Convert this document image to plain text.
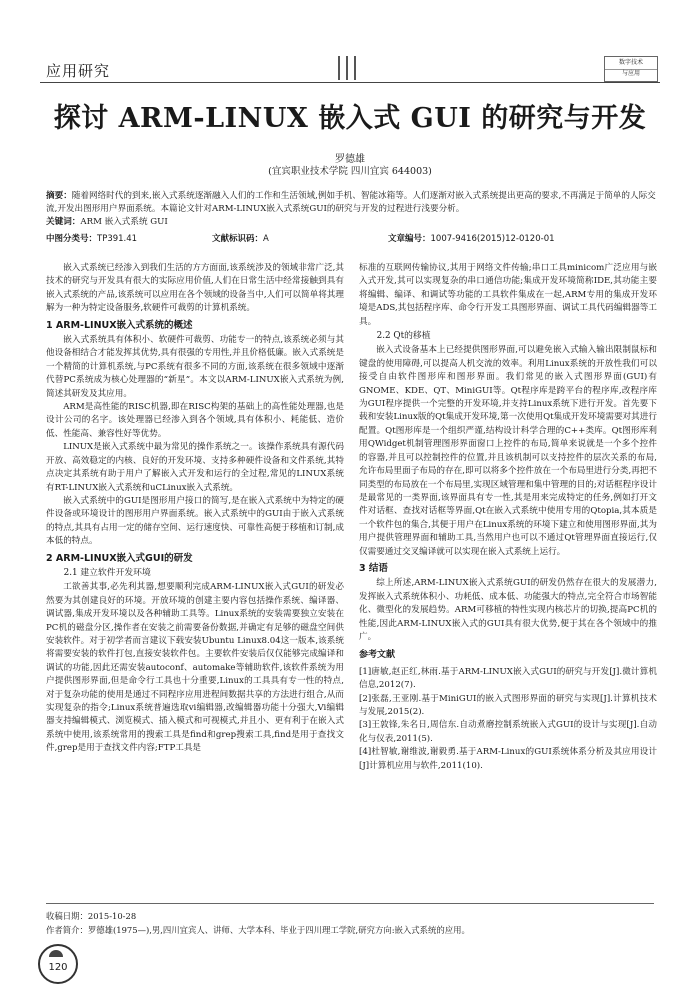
应用研究	数字技术
与应用
探讨 ARM-LINUX 嵌入式 GUI 的研究与开发
罗德雄
(宜宾职业技术学院 四川宜宾 644003)
摘要：随着网络时代的到来,嵌入式系统逐渐融入人们的工作和生活领域,例如手机、智能冰箱等。人们逐渐对嵌入式系统提出更高的要求,不再满足于简单的人际交流,开发出图形用户界面系统。本篇论文针对ARM-LINUX嵌入式系统GUI的研究与开发的过程进行浅要分析。
关键词：ARM 嵌入式系统 GUI
中图分类号：TP391.41	文献标识码：A	文章编号：1007-9416(2015)12-0120-01

嵌入式系统已经渗入到我们生活的方方面面,该系统涉及的领域非常广泛,其技术的研究与开发具有很大的实际应用价值,人们在日常生活中经常接触到具有嵌入式系统的产品,该系统可以应用在各个领域的设备当中,人们可以简单将其理解为一种为特定设备服务,软硬件可裁剪的计算机系统。

1 ARM-LINUX嵌入式系统的概述

嵌入式系统具有体积小、软硬件可裁剪、功能专一的特点,该系统必须与其他设备相结合才能发挥其优势,具有很强的专用性,并且价格低廉。嵌入式系统是一个精简的计算机系统,与PC系统有很多不同的方面,该系统在很多领域中逐渐代替PC系统成为核心处理器的“新星”。本文以ARM-LINUX嵌入式系统为例,简述其研发及其应用。

ARM是高性能的RISC机器,即在RISC构架的基础上的高性能处理器,也是设计公司的名字。该处理器已经渗入到各个领域,具有体积小、耗能低、造价低、性能高、兼容性好等优势。

LINUX是嵌入式系统中最为常见的操作系统之一。该操作系统具有源代码开放、高效稳定的内核、良好的开发环境、支持多种硬件设备和文件系统,其特点决定其系统有助于用户了解嵌入式开发和运行的全过程,常见的LINUX系统有RT-LINUX嵌入式系统和uCLinux嵌入式系统。

嵌入式系统中的GUI是图形用户接口的简写,是在嵌入式系统中为特定的硬件设备或环境设计的图形用户界面系统。嵌入式系统中的GUI由于嵌入式系统的特点,其具有占用一定的储存空间、运行速度快、可靠性高便于移植和订制,成本低的特点。

2 ARM-LINUX嵌入式GUI的研发
2.1 建立软件开发环境

工欲善其事,必先利其器,想要顺利完成ARM-LINUX嵌入式GUI的研发必然要为其创建良好的环境。开放环境的创建主要内容包括操作系统、编译器、调试器,集成开发环境以及各种辅助工具等。Linux系统的安装需要独立安装在PC机的磁盘分区,操作者在安装之前需要备份数据,并确定有足够的磁盘空间供安装软件。对于初学者而言建议下载安装Ubuntu Linux8.04这一版本,该系统将需要安装的软件打包,直接安装软件包。主要软件安装后仅仅能够完成编译和调试的功能,因此还需安装autoconf、automake等辅助软件,该软件系统为用户提供图形界面,但是命令行工具也十分重要,Linux的工具具有专一性的特点,对于复杂功能的使用是通过不同程序应用进程间数据共享的方法进行组合,从而实现复杂的指令;Linux系统普遍选取vi编辑器,改编辑器功能十分强大,Vi编辑器支持编辑模式、浏览模式、插入模式和可视模式,并且小、更有利于在嵌入式系统中使用,该系统常用的搜索工具是find和grep搜索工具,find是用于查找文件,grep是用于查找文件内容;FTP工具是

标准的互联网传输协议,其用于网络文件传输;串口工具minicom广泛应用与嵌入式开发,其可以实现复杂的串口通信功能;集成开发环境简称IDE,其功能主要将编辑、编译、和调试等功能的工具软件集成在一起,ARM专用的集成开发环境是ADS,其包括程序库、命令行开发工具图形界面、调试工具代码编辑器等工具。

2.2 Qt的移植

嵌入式设备基本上已经提供图形界面,可以避免嵌入式输入输出限制鼠标和键盘的使用障碍,可以提高人机交流的效率。利用Linux系统的开放性我们可以接受自由软件图形库和图形界面。我们常见的嵌入式图形界面(GUI)有GNOME、KDE、QT、MiniGUI等。Qt程序库是跨平台的程序库,改程序库为GUI程序提供一个完整的开发环境,并支持Linux系统下进行开发。首先要下载和安装Linux版的Qt集成开发环境,第一次使用Qt集成开发环境需要对其进行配置。Qt图形库是一个组织严谨,结构设计科学合理的C++类库。Qt图形库利用QWidget机制管理图形界面窗口上控件的布局,简单来说就是一个多个控件的容器,并且可以控制控件的位置,并且该机制可以支持控件的层次关系的布局,允许布局里面子布局的存在,即可以将多个控件放在一个布局里进行分类,再把不同类型的布局放在一个布局里,实现区域管理和集中管理的目的;对话框程序设计是最常见的一类界面,该界面具有专一性,其是用来完成特定的任务,例如打开文件对话框、查找对话框等界面,Qt在嵌入式系统中使用专用的Qtopia,其本质是一个软件包的集合,其便于用户在Linux系统的环境下建立和使用图形界面,其为用户提供管理界面和辅助工具,当然用户也可以不通过Qt管理界面直接运行,仅仅需要通过交叉编译就可以实现在嵌入式系统上运行。

3 结语

综上所述,ARM-LINUX嵌入式系统GUI的研发仍然存在很大的发展潜力,发挥嵌入式系统体积小、功耗低、成本低、功能强大的特点,完全符合市场智能化、微型化的发展趋势。ARM可移植的特性实现内核芯片的切换,提高PC机的性能,因此ARM-LINUX嵌入式的GUI具有很大优势,便于其在各个领域中的推广。

参考文献
[1]唐敏,赵正红,林雨.基于ARM-LINUX嵌入式GUI的研究与开发[J].微计算机信息,2012(7).
[2]张磊,王亚刚.基于MiniGUI的嵌入式图形界面的研究与实现[J].计算机技术与发展,2015(2).
[3]王敦锋,朱名日,周信东.自动煮磨控制系统嵌入式GUI的设计与实现[J].自动化与仪表,2011(5).
[4]杜智敏,谢维波,谢毅勇.基于ARM-Linux的GUI系统体系分析及其应用设计[J]计算机应用与软件,2011(10).
收稿日期：2015-10-28
作者简介：罗德雄(1975—),男,四川宜宾人、讲师、大学本科、毕业于四川理工学院,研究方向:嵌入式系统的应用。
120
